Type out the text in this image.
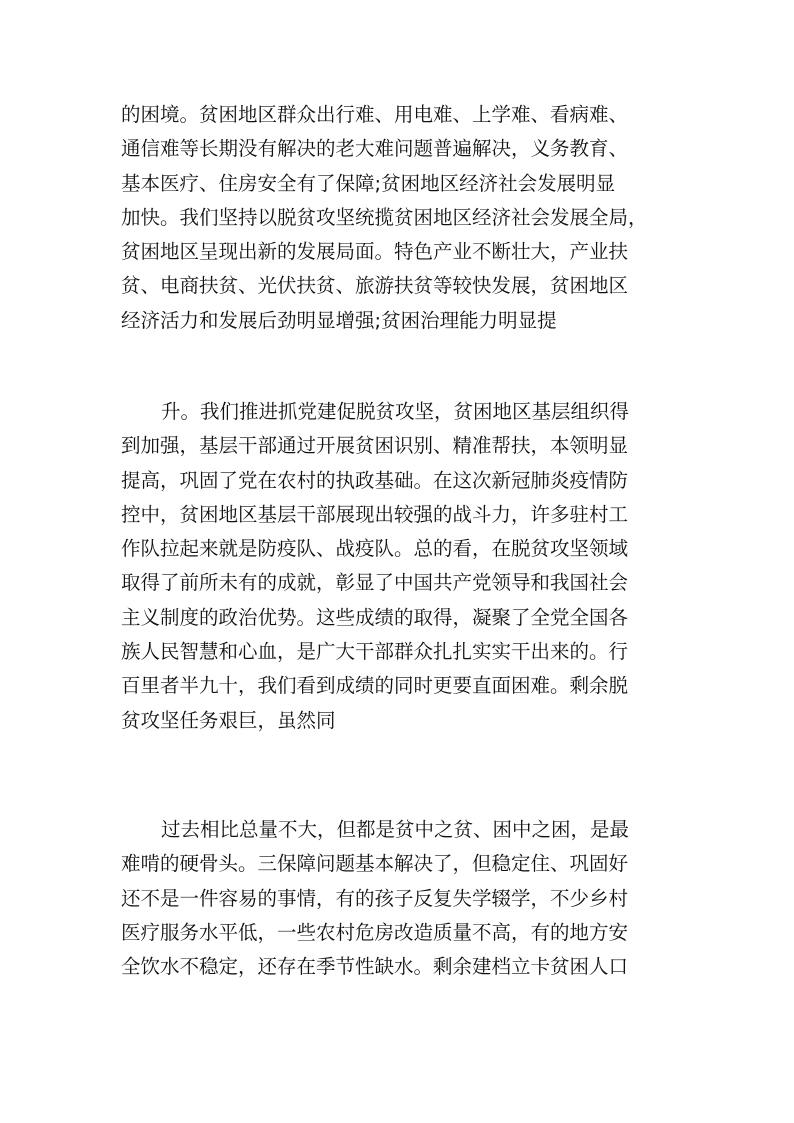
的困境。贫困地区群众出行难、用电难、上学难、看病难、
通信难等长期没有解决的老大难问题普遍解决，义务教育、
基本医疗、住房安全有了保障;贫困地区经济社会发展明显
加快。我们坚持以脱贫攻坚统揽贫困地区经济社会发展全局，
贫困地区呈现出新的发展局面。特色产业不断壮大，产业扶
贫、电商扶贫、光伏扶贫、旅游扶贫等较快发展，贫困地区
经济活力和发展后劲明显增强;贫困治理能力明显提
升。我们推进抓党建促脱贫攻坚，贫困地区基层组织得
到加强，基层干部通过开展贫困识别、精准帮扶，本领明显
提高，巩固了党在农村的执政基础。在这次新冠肺炎疫情防
控中，贫困地区基层干部展现出较强的战斗力，许多驻村工
作队拉起来就是防疫队、战疫队。总的看，在脱贫攻坚领域
取得了前所未有的成就，彰显了中国共产党领导和我国社会
主义制度的政治优势。这些成绩的取得，凝聚了全党全国各
族人民智慧和心血，是广大干部群众扎扎实实干出来的。行
百里者半九十，我们看到成绩的同时更要直面困难。剩余脱
贫攻坚任务艰巨，虽然同
过去相比总量不大，但都是贫中之贫、困中之困，是最
难啃的硬骨头。三保障问题基本解决了，但稳定住、巩固好
还不是一件容易的事情，有的孩子反复失学辍学，不少乡村
医疗服务水平低，一些农村危房改造质量不高，有的地方安
全饮水不稳定，还存在季节性缺水。剩余建档立卡贫困人口
